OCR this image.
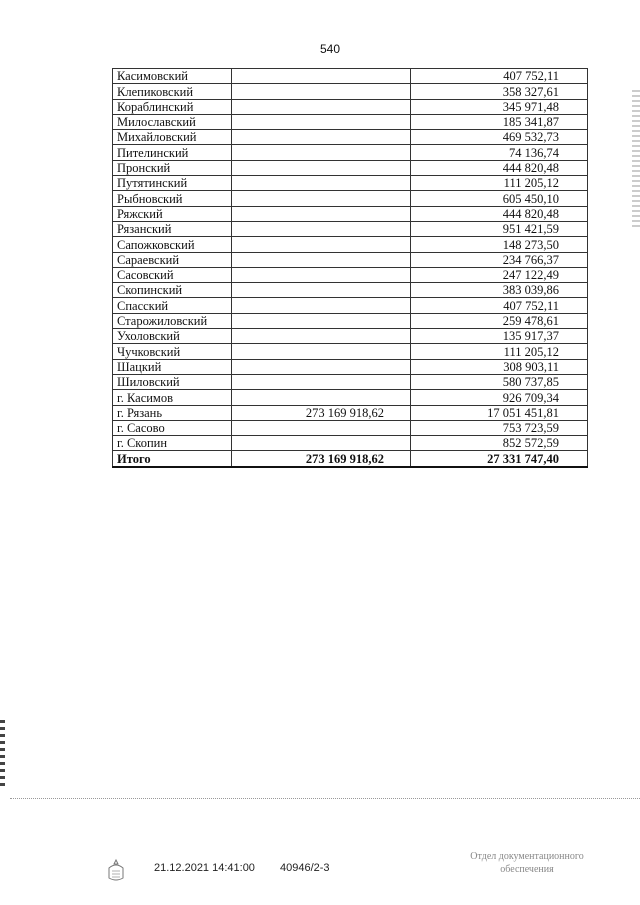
540
Касимовский		407 752,11
Клепиковский		358 327,61
Кораблинский		345 971,48
Милославский		185 341,87
Михайловский		469 532,73
Пителинский		74 136,74
Пронский		444 820,48
Путятинский		111 205,12
Рыбновский		605 450,10
Ряжский		444 820,48
Рязанский		951 421,59
Сапожковский		148 273,50
Сараевский		234 766,37
Сасовский		247 122,49
Скопинский		383 039,86
Спасский		407 752,11
Старожиловский		259 478,61
Ухоловский		135 917,37
Чучковский		111 205,12
Шацкий		308 903,11
Шиловский		580 737,85
г. Касимов		926 709,34
г. Рязань	273 169 918,62	17 051 451,81
г. Сасово		753 723,59
г. Скопин		852 572,59
Итого	273 169 918,62	27 331 747,40
21.12.2021 14:41:00 40946/2-3
Отдел документационного
обеспечения
